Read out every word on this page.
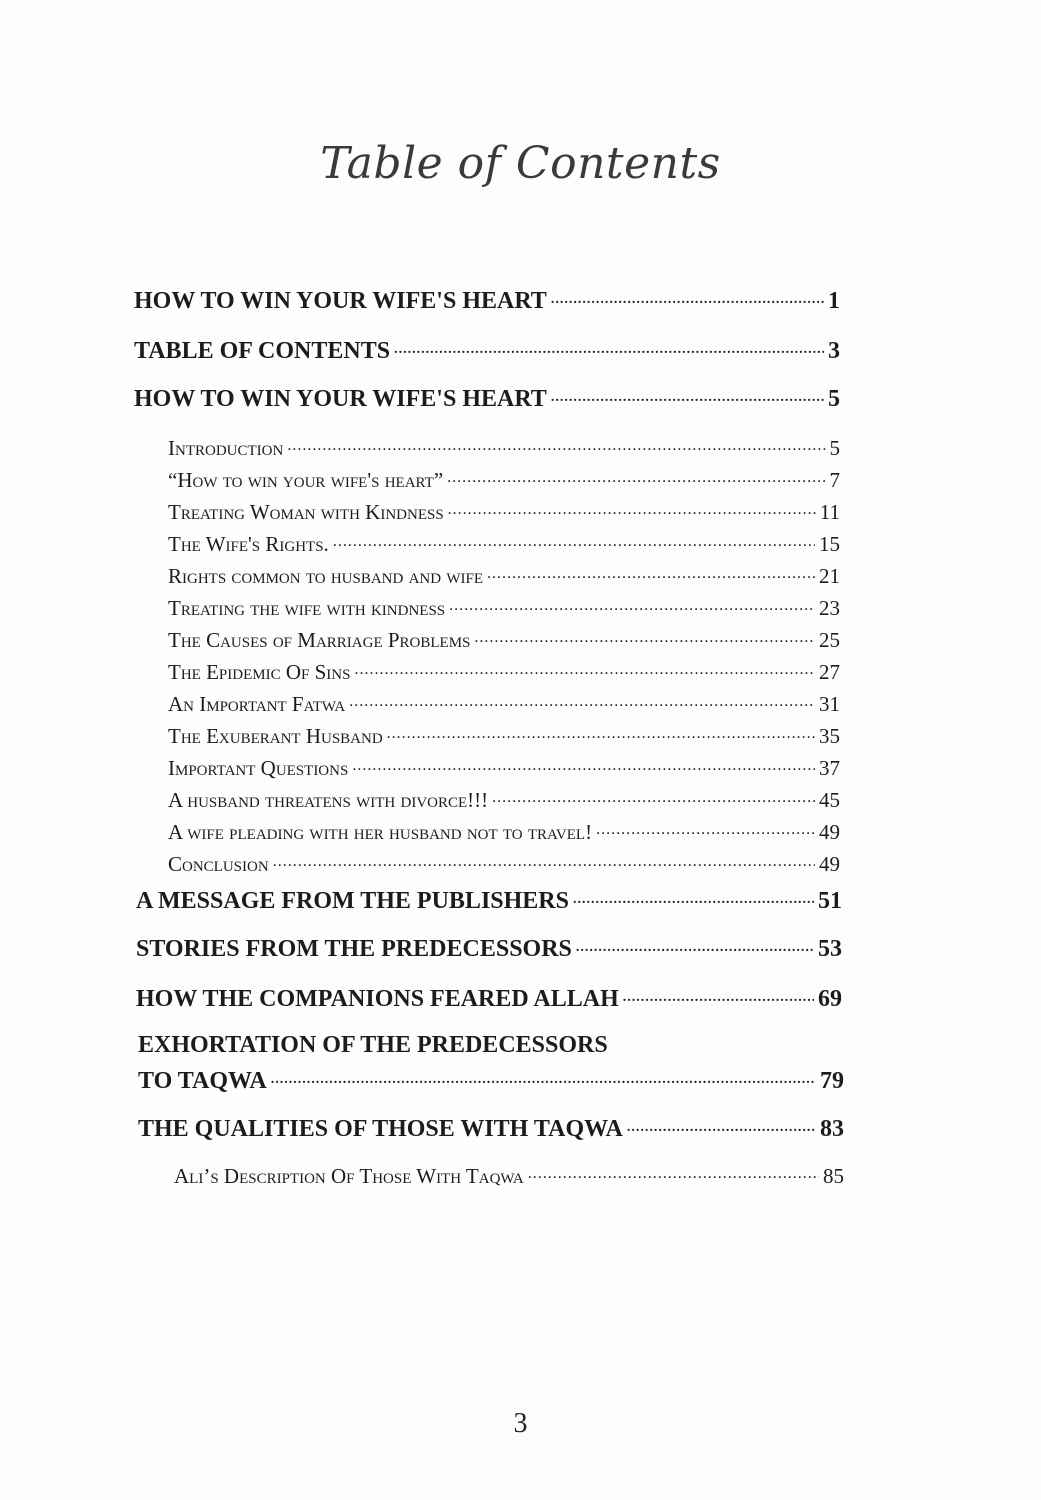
Table of Contents
HOW TO WIN YOUR WIFE'S HEART .....	1
TABLE OF CONTENTS .....	3
HOW TO WIN YOUR WIFE'S HEART .....	5
Introduction .....	5
“How to win your wife's heart” .....	7
Treating Woman with Kindness .....	11
The Wife's Rights. .....	15
Rights common to husband and wife .....	21
Treating the wife with kindness .....	23
The Causes of Marriage Problems .....	25
The Epidemic Of Sins .....	27
An Important Fatwa .....	31
The Exuberant Husband .....	35
Important Questions .....	37
A husband threatens with divorce!!! .....	45
A wife pleading with her husband not to travel! .....	49
Conclusion .....	49
A MESSAGE FROM THE PUBLISHERS .....	51
STORIES FROM THE PREDECESSORS .....	53
HOW THE COMPANIONS FEARED ALLAH .....	69
EXHORTATION OF THE PREDECESSORS
TO TAQWA .....	79
THE QUALITIES OF THOSE WITH TAQWA .....	83
Ali’s Description Of Those With Taqwa .....	85
3
